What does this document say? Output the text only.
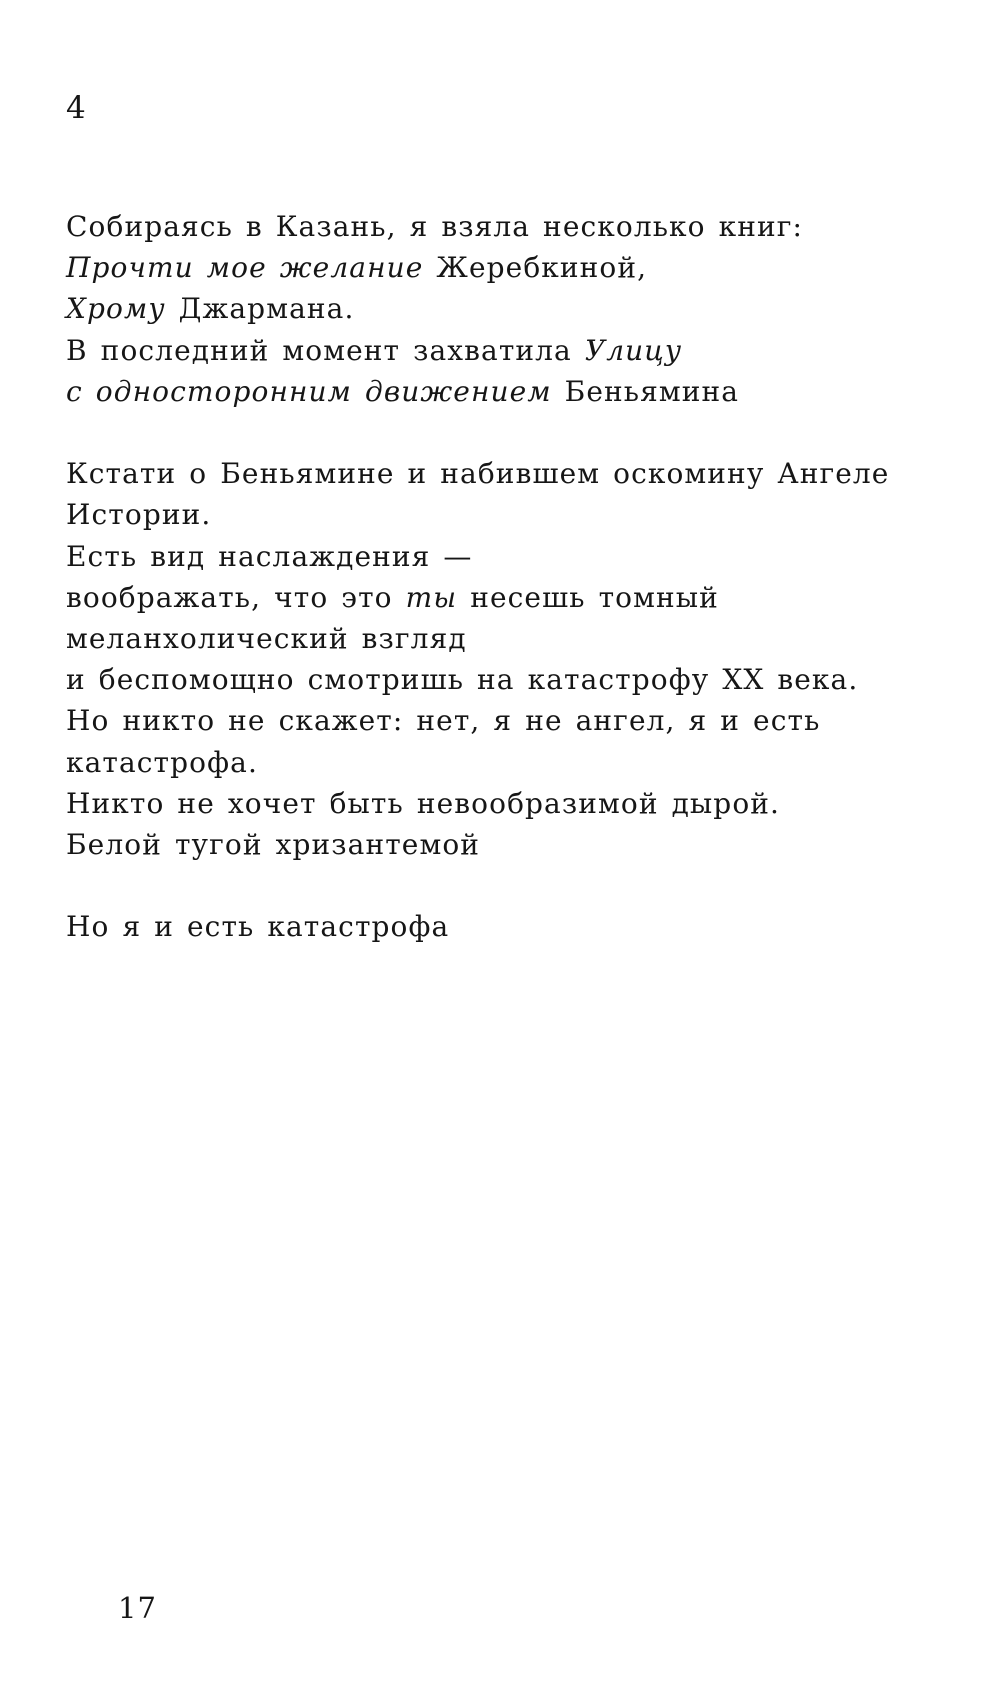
4
Собираясь в Казань, я взяла несколько книг:
Прочти мое желание Жеребкиной,
Хрому Джармана.
В последний момент захватила Улицу
с односторонним движением Беньямина
Кстати о Беньямине и набившем оскомину Ангеле
Истории.
Есть вид наслаждения —
воображать, что это ты несешь томный
меланхолический взгляд
и беспомощно смотришь на катастрофу XX века.
Но никто не скажет: нет, я не ангел, я и есть
катастрофа.
Никто не хочет быть невообразимой дырой.
Белой тугой хризантемой
Но я и есть катастрофа
17
